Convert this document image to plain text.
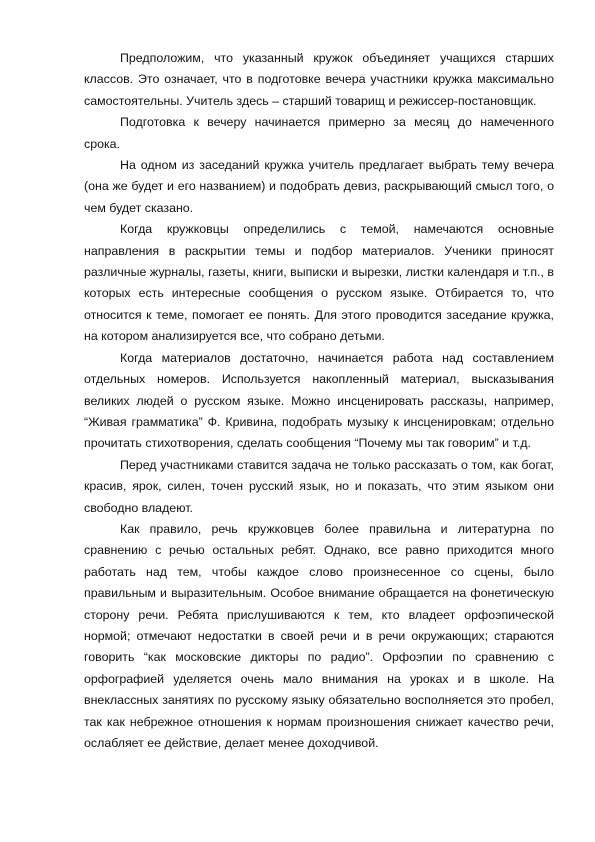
Предположим, что указанный кружок объединяет учащихся старших классов. Это означает, что в подготовке вечера участники кружка максимально самостоятельны. Учитель здесь – старший товарищ и режиссер-постановщик.

Подготовка к вечеру начинается примерно за месяц до намеченного срока.

На одном из заседаний кружка учитель предлагает выбрать тему вечера (она же будет и его названием) и подобрать девиз, раскрывающий смысл того, о чем будет сказано.

Когда кружковцы определились с темой, намечаются основные направления в раскрытии темы и подбор материалов. Ученики приносят различные журналы, газеты, книги, выписки и вырезки, листки календаря и т.п., в которых есть интересные сообщения о русском языке. Отбирается то, что относится к теме, помогает ее понять. Для этого проводится заседание кружка, на котором анализируется все, что собрано детьми.

Когда материалов достаточно, начинается работа над составлением отдельных номеров. Используется накопленный материал, высказывания великих людей о русском языке. Можно инсценировать рассказы, например, “Живая грамматика” Ф. Кривина, подобрать музыку к инсценировкам; отдельно прочитать стихотворения, сделать сообщения “Почему мы так говорим” и т.д.

Перед участниками ставится задача не только рассказать о том, как богат, красив, ярок, силен, точен русский язык, но и показать, что этим языком они свободно владеют.

Как правило, речь кружковцев более правильна и литературна по сравнению с речью остальных ребят. Однако, все равно приходится много работать над тем, чтобы каждое слово произнесенное со сцены, было правильным и выразительным. Особое внимание обращается на фонетическую сторону речи. Ребята прислушиваются к тем, кто владеет орфоэпической нормой; отмечают недостатки в своей речи и в речи окружающих; стараются говорить “как московские дикторы по радио”. Орфоэпии по сравнению с орфографией уделяется очень мало внимания на уроках и в школе. На внеклассных занятиях по русскому языку обязательно восполняется это пробел, так как небрежное отношения к нормам произношения снижает качество речи, ослабляет ее действие, делает менее доходчивой.
